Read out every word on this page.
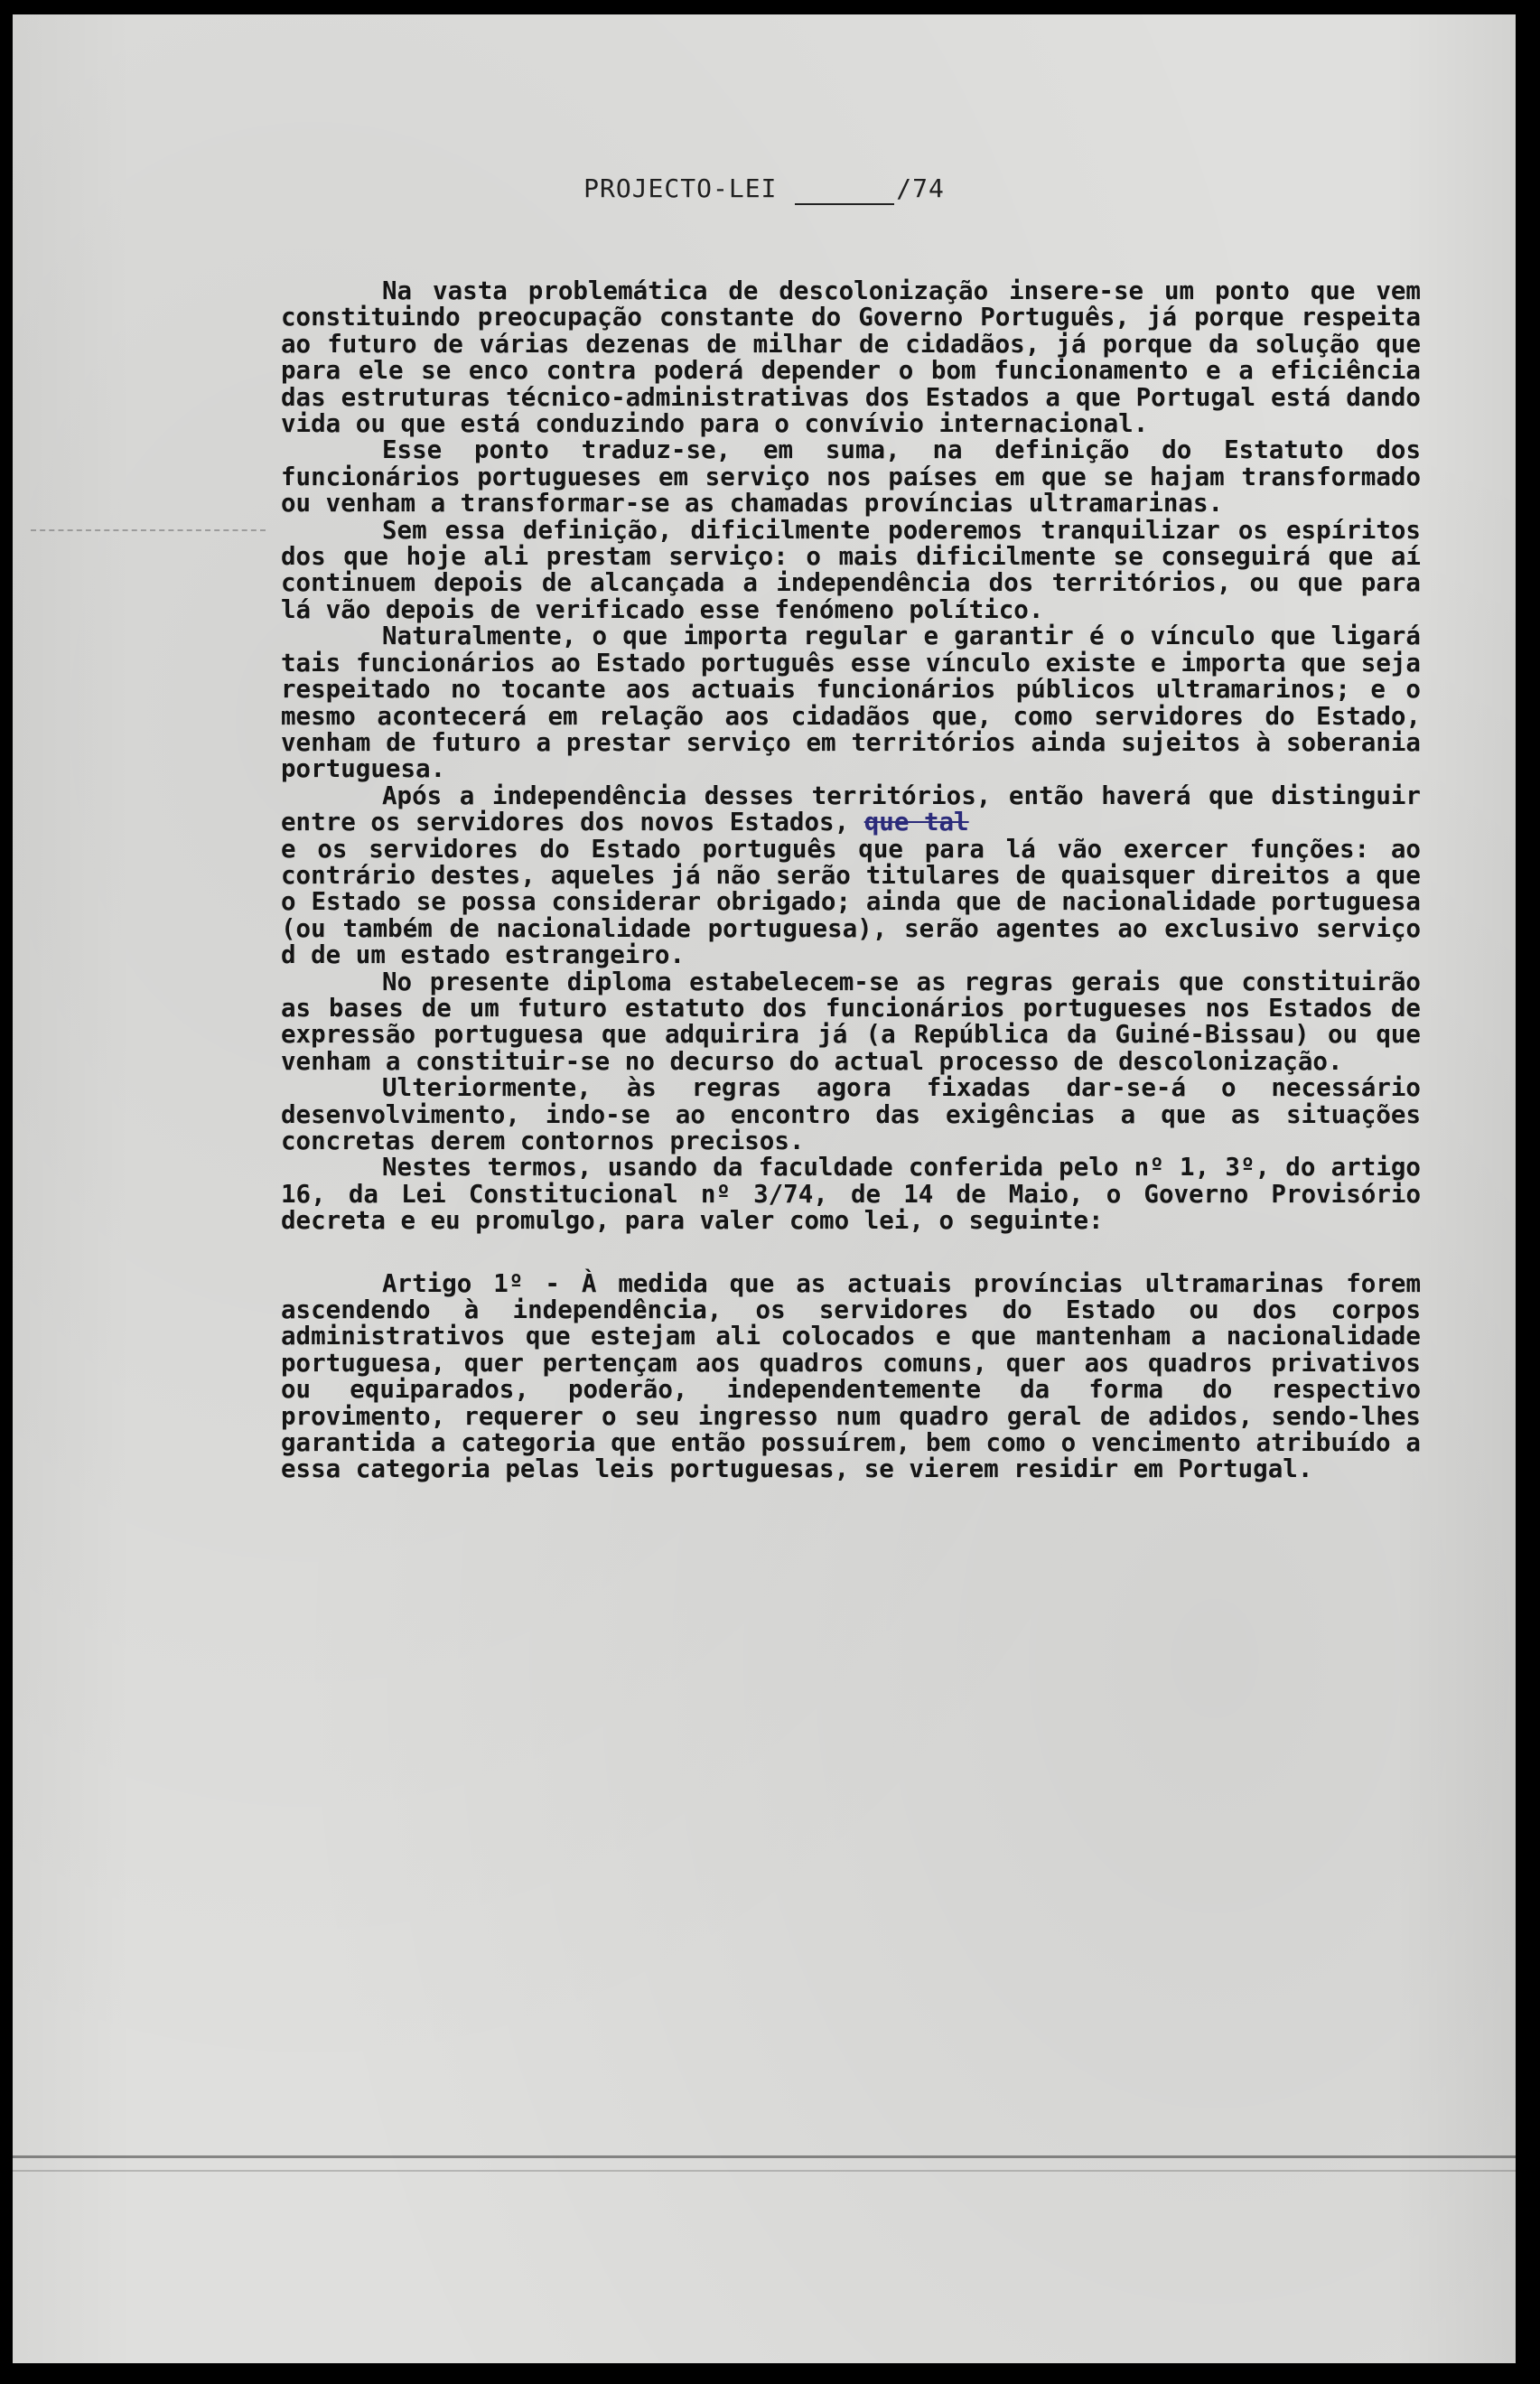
PROJECTO-LEI	/74

Na vasta problemática de descolonização insere-se um ponto que vem constituindo preocupação constante do Governo Português, já porque respeita ao futuro de várias dezenas de milhar de cidadãos, já porque da solução que para ele se enco contra poderá depender o bom funcionamento e a eficiência das estruturas técnico-administrativas dos Estados a que Portugal está dando vida ou que está conduzindo para o convívio internacional.

Esse ponto traduz-se, em suma, na definição do Estatuto dos funcionários portugueses em serviço nos países em que se hajam transformado ou venham a transformar-se as chamadas províncias ultramarinas.

Sem essa definição, dificilmente poderemos tranquilizar os espíritos dos que hoje ali prestam serviço: o mais dificilmente se conseguirá que aí continuem depois de alcançada a independência dos territórios, ou que para lá vão depois de verificado esse fenómeno político.

Naturalmente, o que importa regular e garantir é o vínculo que ligará tais funcionários ao Estado português esse vínculo existe e importa que seja respeitado no tocante aos actuais funcionários públicos ultramarinos; e o mesmo acontecerá em relação aos cidadãos que, como servidores do Estado, venham de futuro a prestar serviço em territórios ainda sujeitos à soberania portuguesa.

Após a independência desses territórios, então haverá que distinguir entre os servidores dos novos Estados, que tal

e os servidores do Estado português que para lá vão exercer funções: ao contrário destes, aqueles já não serão titulares de quaisquer direitos a que o Estado se possa considerar obrigado; ainda que de nacionalidade portuguesa (ou também de nacionalidade portuguesa), serão agentes ao exclusivo serviço d de um estado estrangeiro.

No presente diploma estabelecem-se as regras gerais que constituirão as bases de um futuro estatuto dos funcionários portugueses nos Estados de expressão portuguesa que adquirira já (a República da Guiné-Bissau) ou que venham a constituir-se no decurso do actual processo de descolonização.

Ulteriormente, às regras agora fixadas dar-se-á o necessário desenvolvimento, indo-se ao encontro das exigências a que as situações concretas derem contornos precisos.

Nestes termos, usando da faculdade conferida pelo nº 1, 3º, do artigo 16, da Lei Constitucional nº 3/74, de 14 de Maio, o Governo Provisório decreta e eu promulgo, para valer como lei, o seguinte:

Artigo 1º - À medida que as actuais províncias ultramarinas forem ascendendo à independência, os servidores do Estado ou dos corpos administrativos que estejam ali colocados e que mantenham a nacionalidade portuguesa, quer pertençam aos quadros comuns, quer aos quadros privativos ou equiparados, poderão, independentemente da forma do respectivo provimento, requerer o seu ingresso num quadro geral de adidos, sendo-lhes garantida a categoria que então possuírem, bem como o vencimento atribuído a essa categoria pelas leis portuguesas, se vierem residir em Portugal.
